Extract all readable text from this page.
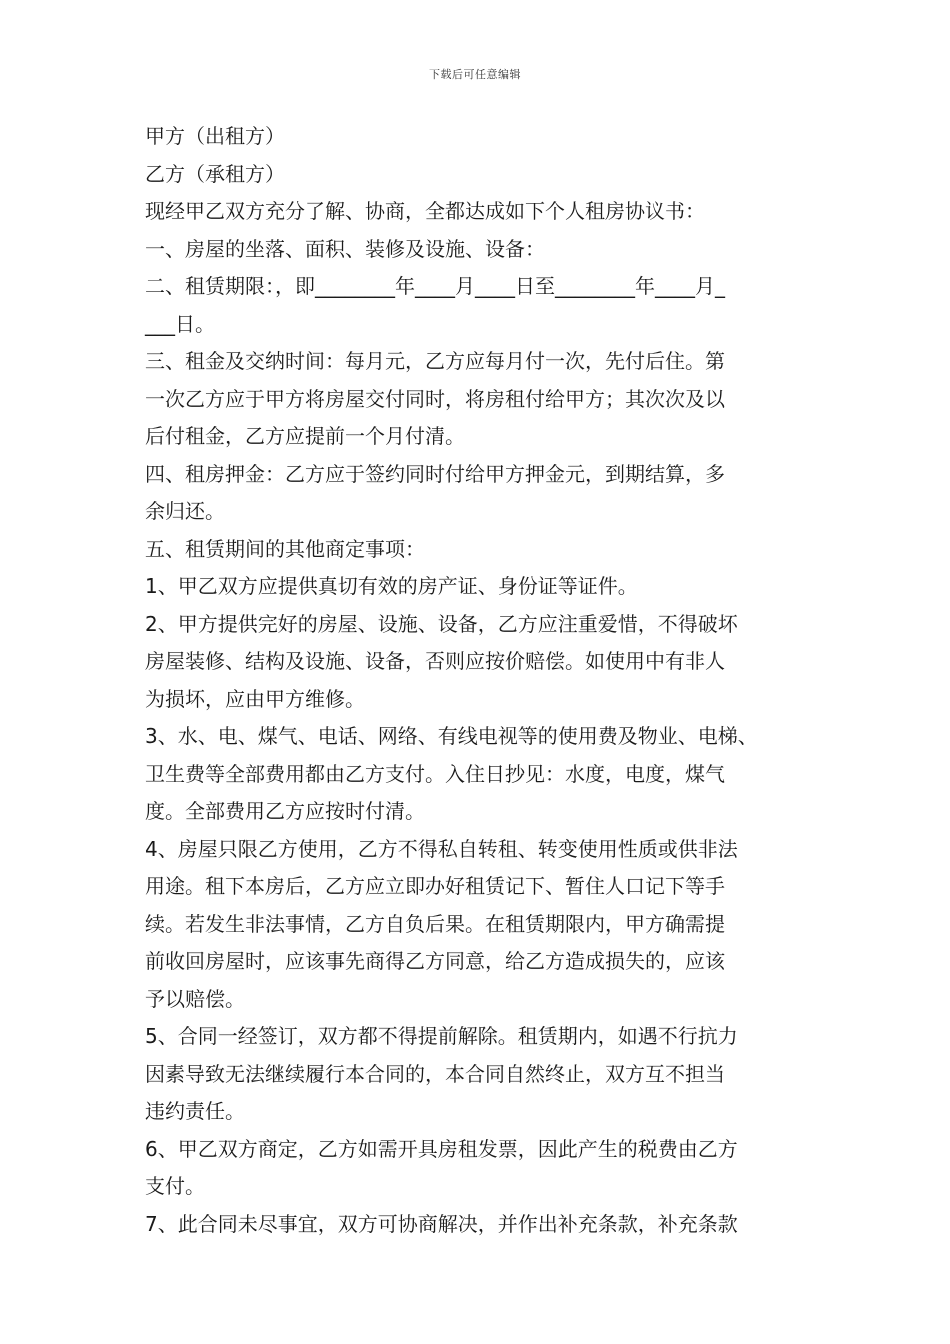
下载后可任意编辑
甲方（出租方）
乙方（承租方）
现经甲乙双方充分了解、协商，全都达成如下个人租房协议书：
一、房屋的坐落、面积、装修及设施、设备：
二、租赁期限：，即________年____月____日至________年____月_
___日。
三、租金及交纳时间：每月元，乙方应每月付一次，先付后住。第
一次乙方应于甲方将房屋交付同时，将房租付给甲方；其次次及以
后付租金，乙方应提前一个月付清。
四、租房押金：乙方应于签约同时付给甲方押金元，到期结算，多
余归还。
五、租赁期间的其他商定事项：
1、甲乙双方应提供真切有效的房产证、身份证等证件。
2、甲方提供完好的房屋、设施、设备，乙方应注重爱惜，不得破坏
房屋装修、结构及设施、设备，否则应按价赔偿。如使用中有非人
为损坏，应由甲方维修。
3、水、电、煤气、电话、网络、有线电视等的使用费及物业、电梯、
卫生费等全部费用都由乙方支付。入住日抄见：水度，电度，煤气
度。全部费用乙方应按时付清。
4、房屋只限乙方使用，乙方不得私自转租、转变使用性质或供非法
用途。租下本房后，乙方应立即办好租赁记下、暂住人口记下等手
续。若发生非法事情，乙方自负后果。在租赁期限内，甲方确需提
前收回房屋时，应该事先商得乙方同意，给乙方造成损失的，应该
予以赔偿。
5、合同一经签订，双方都不得提前解除。租赁期内，如遇不行抗力
因素导致无法继续履行本合同的，本合同自然终止，双方互不担当
违约责任。
6、甲乙双方商定，乙方如需开具房租发票，因此产生的税费由乙方
支付。
7、此合同未尽事宜，双方可协商解决，并作出补充条款，补充条款
